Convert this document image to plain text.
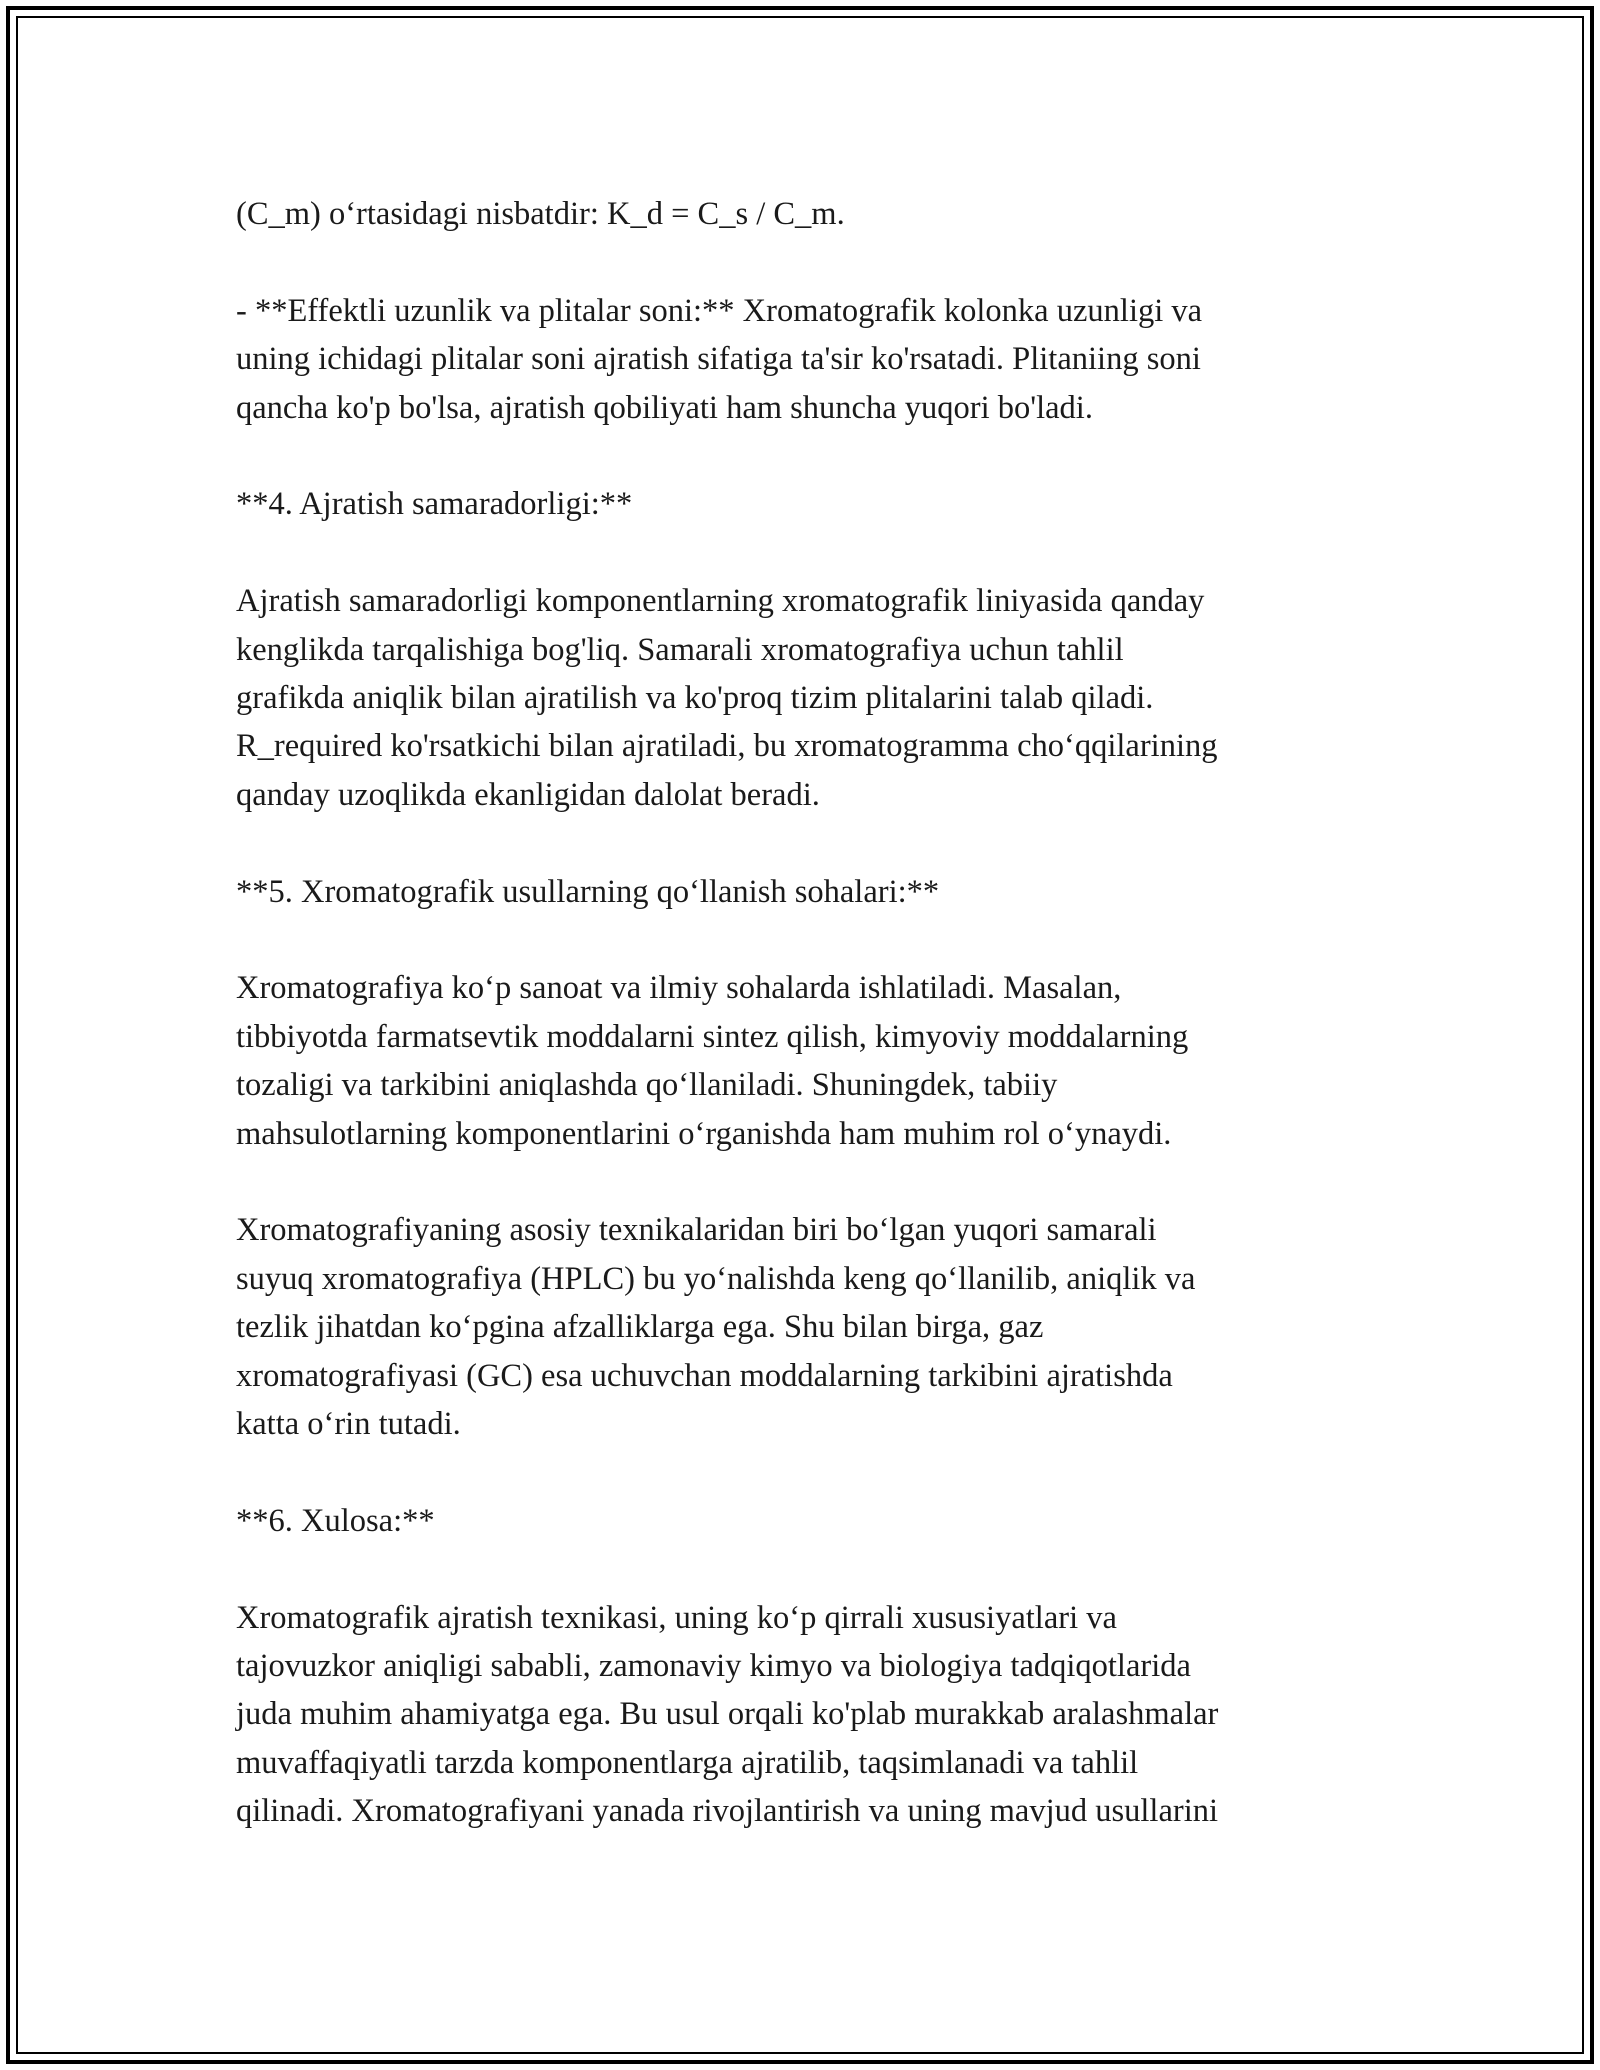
(C_m) o‘rtasidagi nisbatdir: K_d = C_s / C_m.

- **Effektli uzunlik va plitalar soni:** Xromatografik kolonka uzunligi va
uning ichidagi plitalar soni ajratish sifatiga ta'sir ko'rsatadi. Plitaniing soni
qancha ko'p bo'lsa, ajratish qobiliyati ham shuncha yuqori bo'ladi.

**4. Ajratish samaradorligi:**

Ajratish samaradorligi komponentlarning xromatografik liniyasida qanday
kenglikda tarqalishiga bog'liq. Samarali xromatografiya uchun tahlil
grafikda aniqlik bilan ajratilish va ko'proq tizim plitalarini talab qiladi.
R_required ko'rsatkichi bilan ajratiladi, bu xromatogramma cho‘qqilarining
qanday uzoqlikda ekanligidan dalolat beradi.

**5. Xromatografik usullarning qo‘llanish sohalari:**

Xromatografiya ko‘p sanoat va ilmiy sohalarda ishlatiladi. Masalan,
tibbiyotda farmatsevtik moddalarni sintez qilish, kimyoviy moddalarning
tozaligi va tarkibini aniqlashda qo‘llaniladi. Shuningdek, tabiiy
mahsulotlarning komponentlarini o‘rganishda ham muhim rol o‘ynaydi.

Xromatografiyaning asosiy texnikalaridan biri bo‘lgan yuqori samarali
suyuq xromatografiya (HPLC) bu yo‘nalishda keng qo‘llanilib, aniqlik va
tezlik jihatdan ko‘pgina afzalliklarga ega. Shu bilan birga, gaz
xromatografiyasi (GC) esa uchuvchan moddalarning tarkibini ajratishda
katta o‘rin tutadi.

**6. Xulosa:**

Xromatografik ajratish texnikasi, uning ko‘p qirrali xususiyatlari va
tajovuzkor aniqligi sababli, zamonaviy kimyo va biologiya tadqiqotlarida
juda muhim ahamiyatga ega. Bu usul orqali ko'plab murakkab aralashmalar
muvaffaqiyatli tarzda komponentlarga ajratilib, taqsimlanadi va tahlil
qilinadi. Xromatografiyani yanada rivojlantirish va uning mavjud usullarini
